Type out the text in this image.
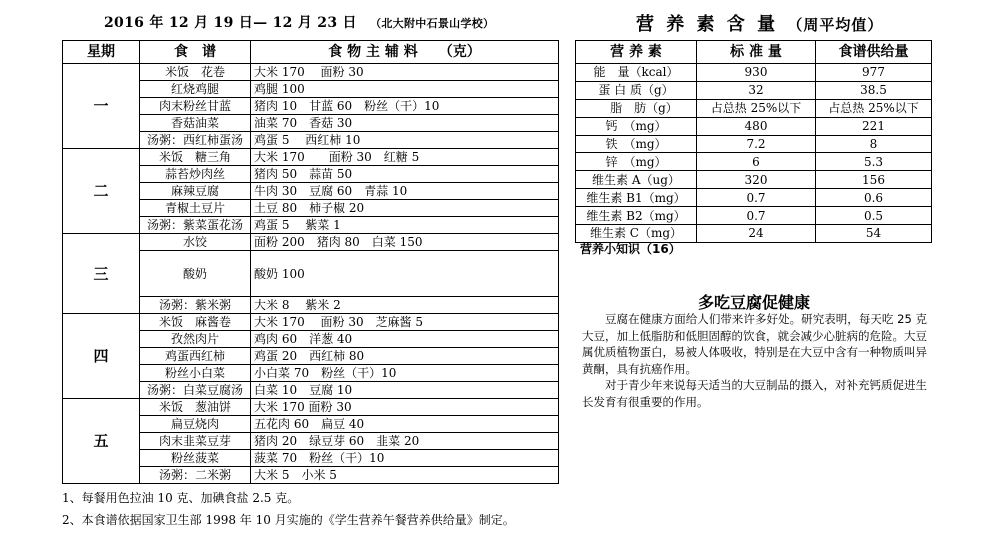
2016 年 12 月 19 日— 12 月 23 日 （北大附中石景山学校）	营 养 素 含 量 （周平均值）
星期	食　谱	食 物 主 辅 料　　（克）
一	米饭　花卷	大米 170　 面粉 30
	红烧鸡腿	鸡腿 100
	肉末粉丝甘蓝	猪肉 10　甘蓝 60　粉丝（干）10
	香菇油菜	油菜 70　香菇 30
	汤粥：西红柿蛋汤	鸡蛋 5　 西红柿 10
二	米饭　糖三角	大米 170　　面粉 30　红糖 5
	蒜苔炒肉丝	猪肉 50　蒜苗 50
	麻辣豆腐	牛肉 30　豆腐 60　青蒜 10
	青椒土豆片	土豆 80　柿子椒 20
	汤粥：紫菜蛋花汤	鸡蛋 5　 紫菜 1
三	水饺	面粉 200　猪肉 80　白菜 150
	酸奶	酸奶 100
	汤粥：紫米粥	大米 8　 紫米 2
四	米饭　麻酱卷	大米 170　 面粉 30　芝麻酱 5
	孜然肉片	鸡肉 60　洋葱 40
	鸡蛋西红柿	鸡蛋 20　西红柿 80
	粉丝小白菜	小白菜 70　粉丝（干）10
	汤粥：白菜豆腐汤	白菜 10　豆腐 10
五	米饭　葱油饼	大米 170 面粉 30
	扁豆烧肉	五花肉 60　扁豆 40
	肉末韭菜豆芽	猪肉 20　绿豆芽 60　韭菜 20
	粉丝菠菜	菠菜 70　粉丝（干）10
	汤粥：二米粥	大米 5　小米 5
1、每餐用色拉油 10 克、加碘食盐 2.5 克。
2、本食谱依据国家卫生部 1998 年 10 月实施的《学生营养午餐营养供给量》制定。
营 养 素	标 准 量	食谱供给量
能　量（kcal）	930	977
蛋 白 质（g）	32	38.5
　 脂　肪（g）	占总热 25%以下	占总热 25%以下
钙　（mg）	480	221
铁　（mg）	7.2	8
锌　（mg）	6	5.3
维生素 A（ug）	320	156
维生素 B1（mg）	0.7	0.6
维生素 B2（mg）	0.7	0.5
维生素 C（mg）	24	54
营养小知识（16）
多吃豆腐促健康

豆腐在健康方面给人们带来许多好处。研究表明，每天吃 25 克大豆，加上低脂肪和低胆固醇的饮食，就会减少心脏病的危险。大豆属优质植物蛋白，易被人体吸收，特别是在大豆中含有一种物质叫异黄酮，具有抗癌作用。

对于青少年来说每天适当的大豆制品的摄入，对补充钙质促进生长发育有很重要的作用。
